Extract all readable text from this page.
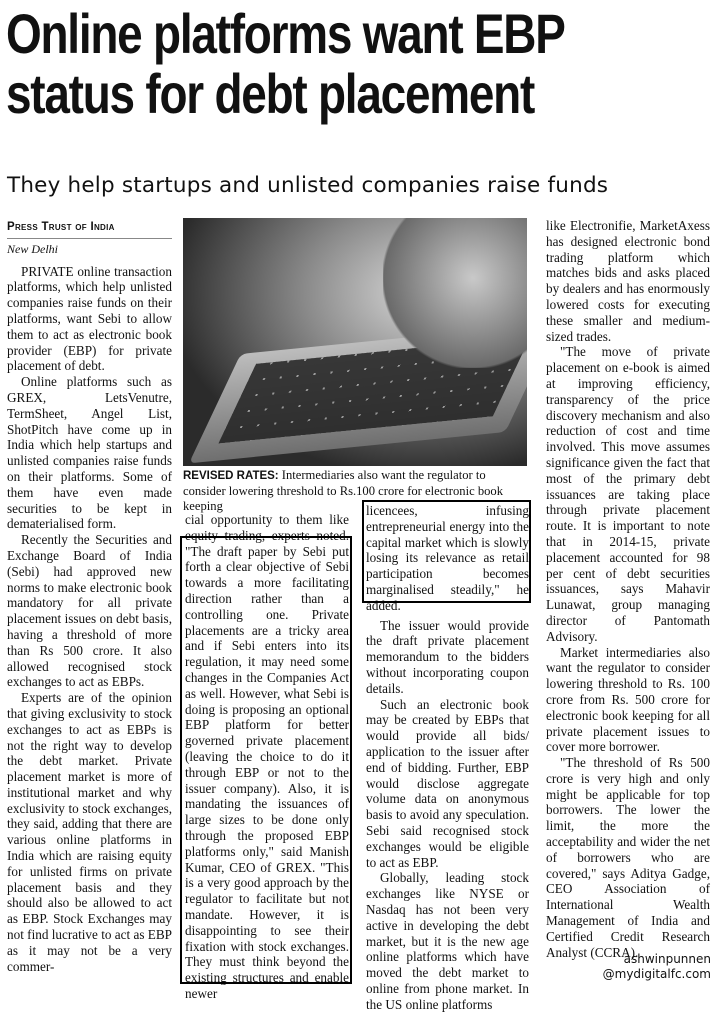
Online platforms want EBP
status for debt placement
They help startups and unlisted companies raise funds
Press Trust of India
New Delhi

PRIVATE online transaction platforms, which help unlisted companies raise funds on their platforms, want Sebi to allow them to act as electronic book provider (EBP) for private placement of debt.

Online platforms such as GREX, LetsVenutre, TermSheet, Angel List, ShotPitch have come up in India which help startups and unlisted companies raise funds on their platforms. Some of them have even made securities to be kept in dematerialised form.

Recently the Securities and Exchange Board of India (Sebi) had approved new norms to make electronic book mandatory for all private placement issues on debt basis, having a threshold of more than Rs 500 crore. It also allowed recognised stock exchanges to act as EBPs.

Experts are of the opinion that giving exclusivity to stock exchanges to act as EBPs is not the right way to develop the debt market. Private placement market is more of institutional market and why exclusivity to stock exchanges, they said, adding that there are various online platforms in India which are raising equity for unlisted firms on private placement basis and they should also be allowed to act as EBP. Stock Exchanges may not find lucrative to act as EBP as it may not be a very commer-

REVISED RATES: Intermediaries also want the regulator to consider lowering threshold to Rs.100 crore for electronic book keeping

cial opportunity to them like equity trading, experts noted. "The draft paper by Sebi put forth a clear objective of Sebi towards a more facilitating direction rather than a controlling one. Private placements are a tricky area and if Sebi enters into its regulation, it may need some changes in the Companies Act as well. However, what Sebi is doing is proposing an optional EBP platform for better governed private placement (leaving the choice to do it through EBP or not to the issuer company). Also, it is mandating the issuances of large sizes to be done only through the proposed EBP platforms only," said Manish Kumar, CEO of GREX. "This is a very good approach by the regulator to facilitate but not mandate. However, it is disappointing to see their fixation with stock exchanges. They must think beyond the existing structures and enable newer

licencees, infusing entrepreneurial energy into the capital market which is slowly losing its relevance as retail participation becomes marginalised steadily," he added.

The issuer would provide the draft private placement memorandum to the bidders without incorporating coupon details.

Such an electronic book may be created by EBPs that would provide all bids/ application to the issuer after end of bidding. Further, EBP would disclose aggregate volume data on anonymous basis to avoid any speculation. Sebi said recognised stock exchanges would be eligible to act as EBP.

Globally, leading stock exchanges like NYSE or Nasdaq has not been very active in developing the debt market, but it is the new age online platforms which have moved the debt market to online from phone market. In the US online platforms

like Electronifie, MarketAxess has designed electronic bond trading platform which matches bids and asks placed by dealers and has enormously lowered costs for executing these smaller and medium-sized trades.

"The move of private placement on e-book is aimed at improving efficiency, transparency of the price discovery mechanism and also reduction of cost and time involved. This move assumes significance given the fact that most of the primary debt issuances are taking place through private placement route. It is important to note that in 2014-15, private placement accounted for 98 per cent of debt securities issuances, says Mahavir Lunawat, group managing director of Pantomath Advisory.

Market intermediaries also want the regulator to consider lowering threshold to Rs. 100 crore from Rs. 500 crore for electronic book keeping for all private placement issues to cover more borrower.

"The threshold of Rs 500 crore is very high and only might be applicable for top borrowers. The lower the limit, the more the acceptability and wider the net of borrowers who are covered," says Aditya Gadge, CEO Association of International Wealth Management of India and Certified Credit Research Analyst (CCRA).

ashwinpunnen
@mydigitalfc.com
